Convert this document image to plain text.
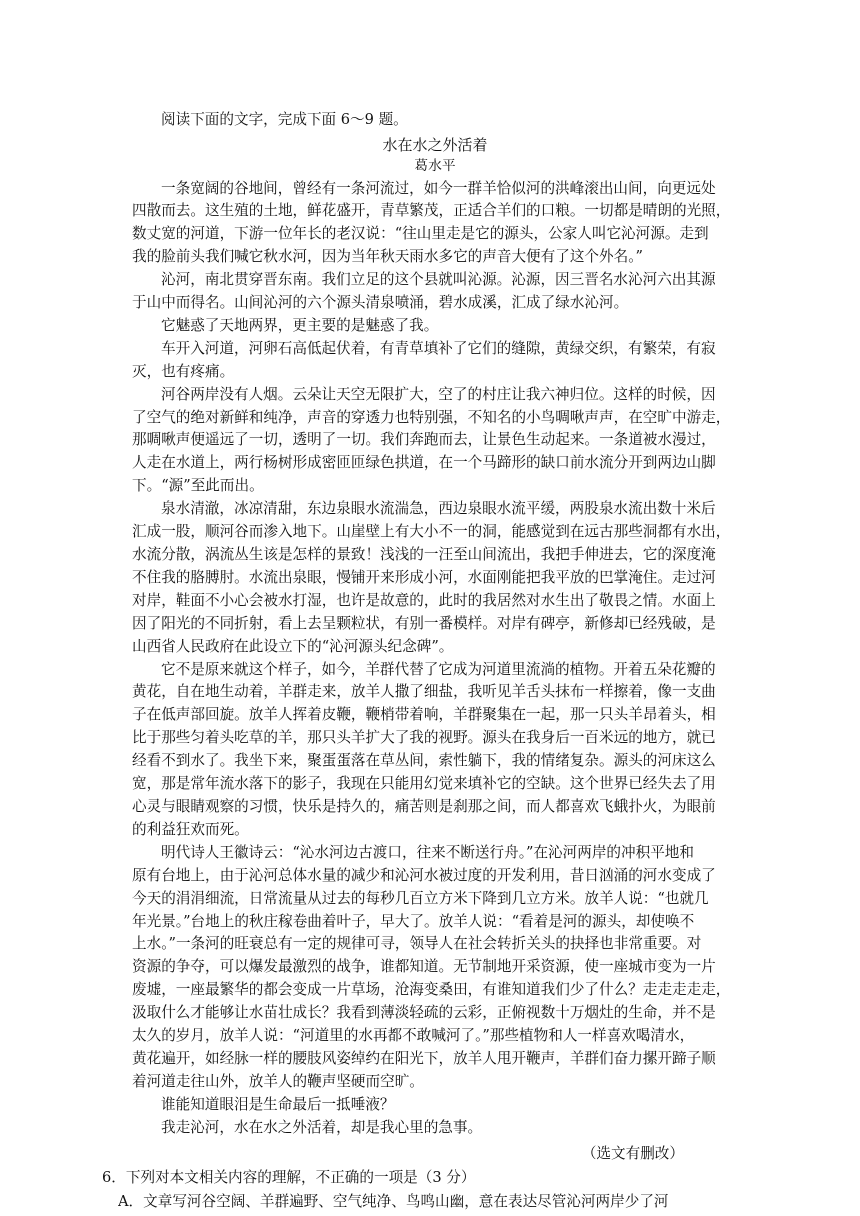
阅读下面的文字，完成下面 6～9 题。
水在水之外活着
葛水平
一条宽阔的谷地间，曾经有一条河流过，如今一群羊恰似河的洪峰滚出山间，向更远处
四散而去。这生殖的土地，鲜花盛开，青草繁茂，正适合羊们的口粮。一切都是晴朗的光照，
数丈宽的河道，下游一位年长的老汉说：“往山里走是它的源头，公家人叫它沁河源。走到
我的脸前头我们喊它秋水河，因为当年秋天雨水多它的声音大便有了这个外名。”
沁河，南北贯穿晋东南。我们立足的这个县就叫沁源。沁源，因三晋名水沁河六出其源
于山中而得名。山间沁河的六个源头清泉喷涌，碧水成溪，汇成了绿水沁河。
它魅惑了天地两界，更主要的是魅惑了我。
车开入河道，河卵石高低起伏着，有青草填补了它们的缝隙，黄绿交织，有繁荣，有寂
灭，也有疼痛。
河谷两岸没有人烟。云朵让天空无限扩大，空了的村庄让我六神归位。这样的时候，因
了空气的绝对新鲜和纯净，声音的穿透力也特别强，不知名的小鸟啁啾声声，在空旷中游走，
那啁啾声便遥远了一切，透明了一切。我们奔跑而去，让景色生动起来。一条道被水漫过，
人走在水道上，两行杨树形成密匝匝绿色拱道，在一个马蹄形的缺口前水流分开到两边山脚
下。“源”至此而出。
泉水清澈，冰凉清甜，东边泉眼水流湍急，西边泉眼水流平缓，两股泉水流出数十米后
汇成一股，顺河谷而渗入地下。山崖壁上有大小不一的洞，能感觉到在远古那些洞都有水出，
水流分散，涡流丛生该是怎样的景致！浅浅的一汪至山间流出，我把手伸进去，它的深度淹
不住我的胳膊肘。水流出泉眼，慢铺开来形成小河，水面刚能把我平放的巴掌淹住。走过河
对岸，鞋面不小心会被水打湿，也许是故意的，此时的我居然对水生出了敬畏之情。水面上
因了阳光的不同折射，看上去呈颗粒状，有别一番模样。对岸有碑亭，新修却已经残破，是
山西省人民政府在此设立下的“沁河源头纪念碑”。
它不是原来就这个样子，如今，羊群代替了它成为河道里流淌的植物。开着五朵花瓣的
黄花，自在地生动着，羊群走来，放羊人撒了细盐，我听见羊舌头抹布一样擦着，像一支曲
子在低声部回旋。放羊人挥着皮鞭，鞭梢带着响，羊群聚集在一起，那一只头羊昂着头，相
比于那些匀着头吃草的羊，那只头羊扩大了我的视野。源头在我身后一百米远的地方，就已
经看不到水了。我坐下来，聚蛋蛋落在草丛间，索性躺下，我的情绪复杂。源头的河床这么
宽，那是常年流水落下的影子，我现在只能用幻觉来填补它的空缺。这个世界已经失去了用
心灵与眼睛观察的习惯，快乐是持久的，痛苦则是刹那之间，而人都喜欢飞蛾扑火，为眼前
的利益狂欢而死。
明代诗人王徽诗云：“沁水河边古渡口，往来不断送行舟。”在沁河两岸的冲积平地和
原有台地上，由于沁河总体水量的减少和沁河水被过度的开发利用，昔日汹涌的河水变成了
今天的涓涓细流，日常流量从过去的每秒几百立方米下降到几立方米。放羊人说：“也就几
年光景。”台地上的秋庄稼卷曲着叶子，早大了。放羊人说：“看着是河的源头，却使唤不
上水。”一条河的旺衰总有一定的规律可寻，领导人在社会转折关头的抉择也非常重要。对
资源的争夺，可以爆发最激烈的战争，谁都知道。无节制地开采资源，使一座城市变为一片
废墟，一座最繁华的都会变成一片草场，沧海变桑田，有谁知道我们少了什么？走走走走走，
汲取什么才能够让水苗壮成长？我看到薄淡轻疏的云彩，正俯视数十万烟灶的生命，并不是
太久的岁月，放羊人说：“河道里的水再都不敢喊河了。”那些植物和人一样喜欢喝清水，
黄花遍开，如经脉一样的腰肢风姿绰约在阳光下，放羊人甩开鞭声，羊群们奋力摞开蹄子顺
着河道走往山外，放羊人的鞭声坚硬而空旷。
谁能知道眼泪是生命最后一抵唾液？
我走沁河，水在水之外活着，却是我心里的急事。
（选文有删改）
6．下列对本文相关内容的理解，不正确的一项是（3 分）
A．文章写河谷空阔、羊群遍野、空气纯净、鸟鸣山幽，意在表达尽管沁河两岸少了河
